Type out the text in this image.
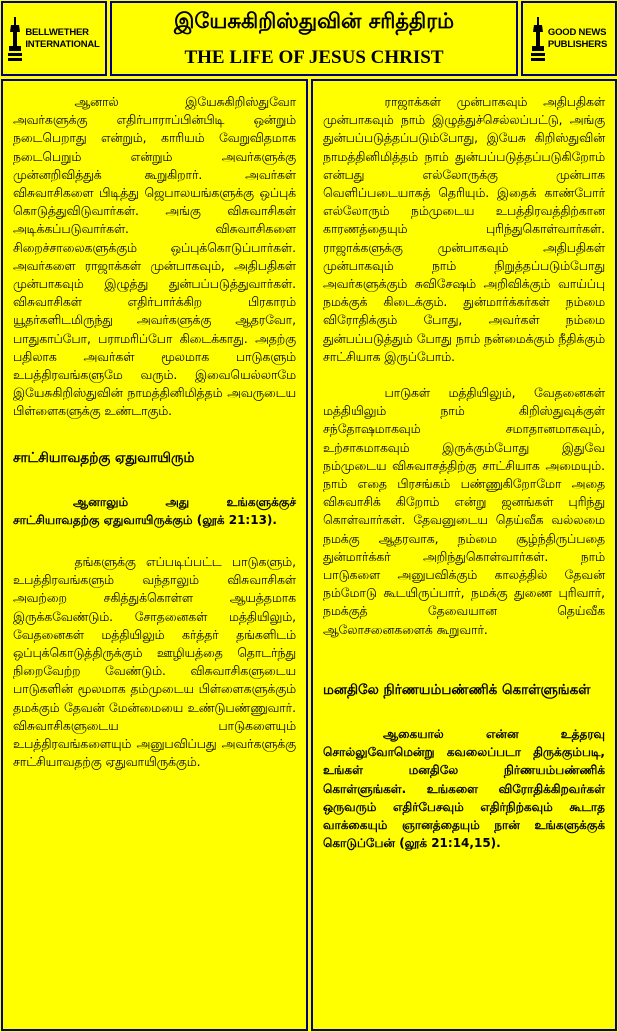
BELLWETHER
INTERNATIONAL
இயேசுகிறிஸ்துவின் சரித்திரம்
THE LIFE OF JESUS CHRIST
GOOD NEWS
PUBLISHERS

ஆனால் இயேசுகிறிஸ்துவோ அவர்களுக்கு எதிர்பாராப்பின்பிடி ஒன்றும் நடைபெறாது என்றும், காரியம் வேறுவிதமாக நடைபெறும் என்றும் அவர்களுக்கு முன்னறிவித்துக் கூறுகிறார். அவர்கள் விசுவாசிகளை பிடித்து ஜெபாலயங்களுக்கு ஒப்புக் கொடுத்துவிடுவார்கள். அங்கு விசுவாசிகள் அடிக்கப்படுவார்கள். விசுவாசிகளை சிறைச்சாலைகளுக்கும் ஒப்புக்கொடுப்பார்கள். அவர்களை ராஜாக்கள் முன்பாகவும், அதிபதிகள் முன்பாகவும் இழுத்து துன்பப்படுத்துவார்கள். விசுவாசிகள் எதிர்பார்க்கிற பிரகாரம் யூதர்களிடமிருந்து அவர்களுக்கு ஆதரவோ, பாதுகாப்போ, பராமரிப்போ கிடைக்காது. அதற்கு பதிலாக அவர்கள் மூலமாக பாடுகளும் உபத்திரவங்களுமே வரும். இவையெல்லாமே இயேசுகிறிஸ்துவின் நாமத்தினிமித்தம் அவருடைய பிள்ளைகளுக்கு உண்டாகும்.

சாட்சியாவதற்கு ஏதுவாயிரும்

ஆனாலும் அது உங்களுக்குச் சாட்சியாவதற்கு ஏதுவாயிருக்கும் (லூக் 21:13).

தங்களுக்கு எப்படிப்பட்ட பாடுகளும், உபத்திரவங்களும் வந்தாலும் விசுவாசிகள் அவற்றை சகித்துக்கொள்ள ஆயத்தமாக இருக்கவேண்டும். சோதனைகள் மத்தியிலும், வேதனைகள் மத்தியிலும் கர்த்தர் தங்களிடம் ஒப்புக்கொடுத்திருக்கும் ஊழியத்தை தொடர்ந்து நிறைவேற்ற வேண்டும். விசுவாசிகளுடைய பாடுகளின் மூலமாக தம்முடைய பிள்ளைகளுக்கும் தமக்கும் தேவன் மேன்மையை உண்டுபண்ணுவார். விசுவாசிகளுடைய பாடுகளையும் உபத்திரவங்களையும் அனுபவிப்பது அவர்களுக்கு சாட்சியாவதற்கு ஏதுவாயிருக்கும்.

ராஜாக்கள் முன்பாகவும் அதிபதிகள் முன்பாகவும் நாம் இழுத்துச்செல்லப்பட்டு, அங்கு துன்பப்படுத்தப்படும்போது, இயேசு கிறிஸ்துவின் நாமத்தினிமித்தம் நாம் துன்பப்படுத்தப்படுகிறோம் என்பது எல்லோருக்கு முன்பாக வெளிப்படையாகத் தெரியும். இதைக் காண்போர் எல்லோரும் நம்முடைய உபத்திரவத்திற்கான காரணத்தையும் புரிந்துகொள்வார்கள். ராஜாக்களுக்கு முன்பாகவும் அதிபதிகள் முன்பாகவும் நாம் நிறுத்தப்படும்போது அவர்களுக்கும் சுவிசேஷம் அறிவிக்கும் வாய்ப்பு நமக்குக் கிடைக்கும். துன்மார்க்கர்கள் நம்மை விரோதிக்கும் போது, அவர்கள் நம்மை துன்பப்படுத்தும் போது நாம் நன்மைக்கும் நீதிக்கும் சாட்சியாக இருப்போம்.

பாடுகள் மத்தியிலும், வேதனைகள் மத்தியிலும் நாம் கிறிஸ்துவுக்குள் சந்தோஷமாகவும் சமாதானமாகவும், உற்சாகமாகவும் இருக்கும்போது இதுவே நம்முடைய விசுவாசத்திற்கு சாட்சியாக அமையும். நாம் எதை பிரசங்கம் பண்ணுகிறோமோ அதை விசுவாசிக் கிறோம் என்று ஜனங்கள் புரிந்து கொள்வார்கள். தேவனுடைய தெய்வீக வல்லமை நமக்கு ஆதரவாக, நம்மை சூழ்ந்திருப்பதை துன்மார்க்கர் அறிந்துகொள்வார்கள். நாம் பாடுகளை அனுபவிக்கும் காலத்தில் தேவன் நம்மோடு கூடயிருப்பார், நமக்கு துணை புரிவார், நமக்குத் தேவையான தெய்வீக ஆலோசனைகளைக் கூறுவார்.

மனதிலே நிர்ணயம்பண்ணிக் கொள்ளுங்கள்

ஆகையால் என்ன உத்தரவு சொல்லுவோமென்று கவலைப்படா திருக்கும்படி, உங்கள் மனதிலே நிர்ணயம்பண்ணிக் கொள்ளுங்கள். உங்களை விரோதிக்கிறவர்கள் ஒருவரும் எதிர்பேசவும் எதிர்நிற்கவும் கூடாத வாக்கையும் ஞானத்தையும் நான் உங்களுக்குக் கொடுப்பேன் (லூக் 21:14,15).
